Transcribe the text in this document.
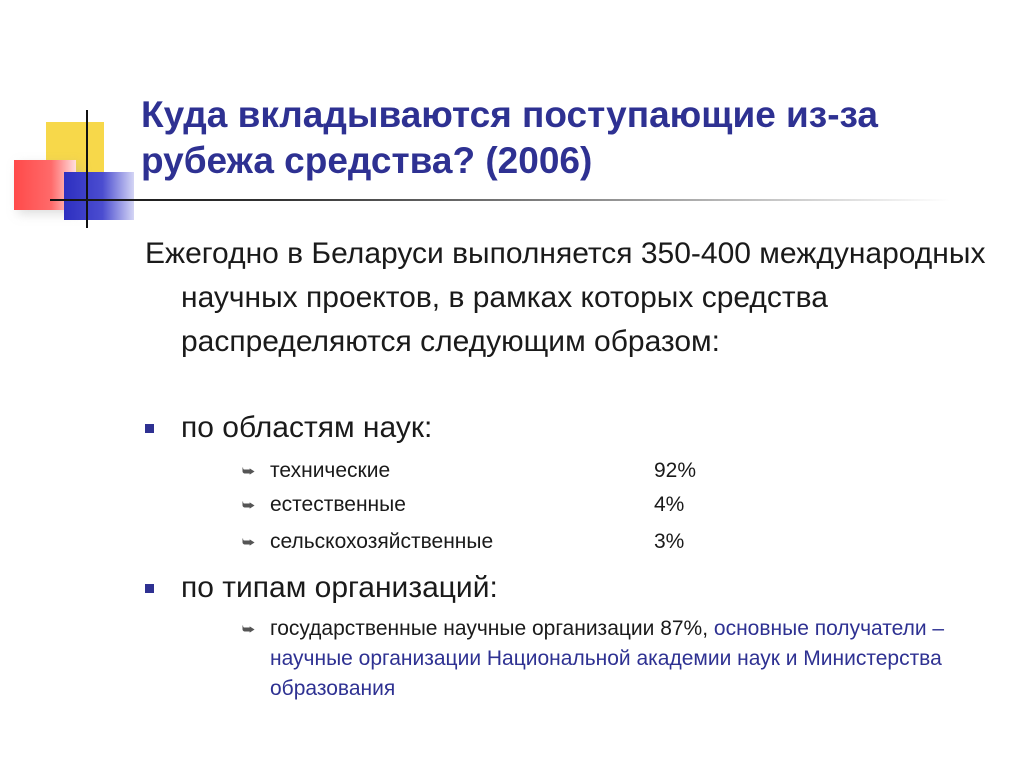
Куда вкладываются поступающие из-за рубежа средства? (2006)

Ежегодно в Беларуси выполняется 350-400 международных научных проектов, в рамках которых средства распределяются следующим образом:

по областям наук:
⮩ технические	92%
⮩ естественные	4%
⮩ сельскохозяйственные	3%
по типам организаций:
⮩ государственные научные организации 87%, основные получатели – научные организации Национальной академии наук и Министерства образования
